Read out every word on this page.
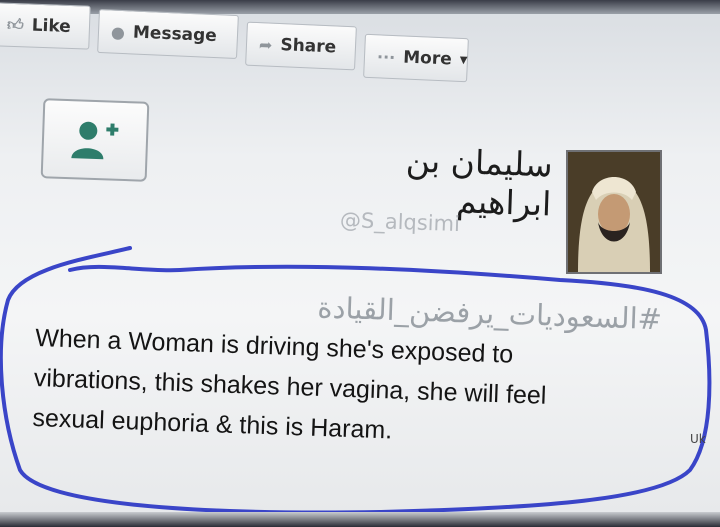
👍︎ Like ● Message	➦ Share	··· More ▼
سليمان بن ابراهيم
@S_alqsimi
#السعوديات_يرفضن_القيادة
When a Woman is driving she's exposed to
vibrations, this shakes her vagina, she will feel
sexual euphoria & this is Haram.	Uk
